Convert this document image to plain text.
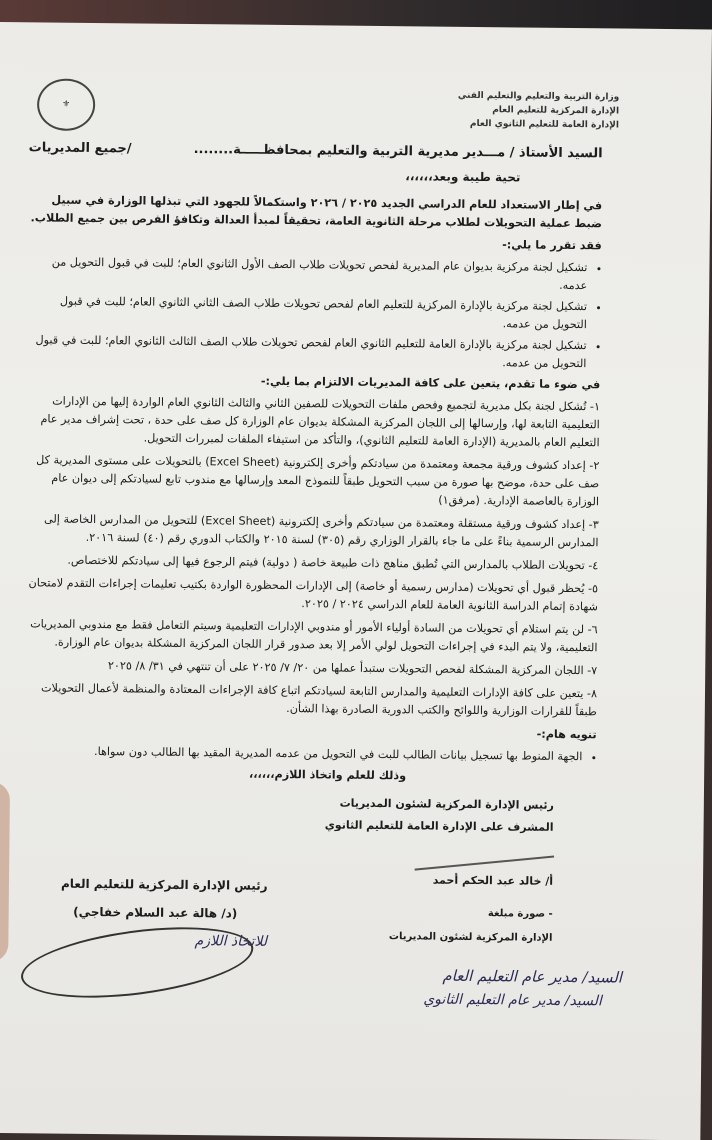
⚜
وزارة التربية والتعليم والتعليم الفني
الإدارة المركزية للتعليم العام
الإدارة العامة للتعليم الثانوي العام
السيد الأستاذ / مـــدير مديرية التربية والتعليم بمحافظـــــة........
/جميع المديريات
تحية طيبة وبعد،،،،،،

في إطار الاستعداد للعام الدراسي الجديد ٢٠٢٥ / ٢٠٢٦ واستكمالاً للجهود التي تبذلها الوزارة في سبيل ضبط عملية التحويلات لطلاب مرحلة الثانوية العامة، تحقيقاً لمبدأ العدالة وتكافؤ الفرص بين جميع الطلاب.

فقد تقرر ما يلي:-

• تشكيل لجنة مركزية بديوان عام المديرية لفحص تحويلات طلاب الصف الأول الثانوي العام؛ للبت في قبول التحويل من عدمه.
• تشكيل لجنة مركزية بالإدارة المركزية للتعليم العام لفحص تحويلات طلاب الصف الثاني الثانوي العام؛ للبت في قبول التحويل من عدمه.
• تشكيل لجنة مركزية بالإدارة العامة للتعليم الثانوي العام لفحص تحويلات طلاب الصف الثالث الثانوي العام؛ للبت في قبول التحويل من عدمه.

في ضوء ما تقدم، يتعين على كافة المديريات الالتزام بما يلي:-

١- تُشكل لجنة بكل مديرية لتجميع وفحص ملفات التحويلات للصفين الثاني والثالث الثانوي العام الواردة إليها من الإدارات التعليمية التابعة لها، وإرسالها إلى اللجان المركزية المشكلة بديوان عام الوزارة كل صف على حدة ، تحت إشراف مدير عام التعليم العام بالمديرية (الإدارة العامة للتعليم الثانوي)، والتأكد من استيفاء الملفات لمبررات التحويل.
٢- إعداد كشوف ورقية مجمعة ومعتمدة من سيادتكم وأخرى إلكترونية (Excel Sheet) بالتحويلات على مستوى المديرية كل صف على حدة، موضح بها صورة من سبب التحويل طبقاً للنموذج المعد وإرسالها مع مندوب تابع لسيادتكم إلى ديوان عام الوزارة بالعاصمة الإدارية. (مرفق١)
٣- إعداد كشوف ورقية مستقلة ومعتمدة من سيادتكم وأخرى إلكترونية (Excel Sheet) للتحويل من المدارس الخاصة إلى المدارس الرسمية بناءً على ما جاء بالقرار الوزاري رقم (٣٠٥) لسنة ٢٠١٥ والكتاب الدوري رقم (٤٠) لسنة ٢٠١٦.
٤- تحويلات الطلاب بالمدارس التي تُطبق مناهج ذات طبيعة خاصة ( دولية) فيتم الرجوع فيها إلى سيادتكم للاختصاص.
٥- يُحظر قبول أي تحويلات (مدارس رسمية أو خاصة) إلى الإدارات المحظورة الواردة بكتيب تعليمات إجراءات التقدم لامتحان شهادة إتمام الدراسة الثانوية العامة للعام الدراسي ٢٠٢٤ / ٢٠٢٥.
٦- لن يتم استلام أي تحويلات من السادة أولياء الأمور أو مندوبي الإدارات التعليمية وسيتم التعامل فقط مع مندوبي المديريات التعليمية، ولا يتم البدء في إجراءات التحويل لولي الأمر إلا بعد صدور قرار اللجان المركزية المشكلة بديوان عام الوزارة.
٧- اللجان المركزية المشكلة لفحص التحويلات ستبدأ عملها من ٢٠/ ٧/ ٢٠٢٥ على أن تنتهي في ٣١/ ٨/ ٢٠٢٥
٨- يتعين على كافة الإدارات التعليمية والمدارس التابعة لسيادتكم اتباع كافة الإجراءات المعتادة والمنظمة لأعمال التحويلات طبقاً للقرارات الوزارية واللوائح والكتب الدورية الصادرة بهذا الشأن.

تنويه هام:-

• الجهة المنوط بها تسجيل بيانات الطالب للبت في التحويل من عدمه المديرية المقيد بها الطالب دون سواها.

وذلك للعلم واتخاذ اللازم،،،،،،

رئيس الإدارة المركزية لشئون المديريات
المشرف على الإدارة العامة للتعليم الثانوي
أ/ خالد عبد الحكم أحمد
- صورة مبلغة
الإدارة المركزية لشئون المديريات
رئيس الإدارة المركزية للتعليم العام
(د/ هالة عبد السلام خفاجي)
للاتخاذ اللازم
السيد/ مدير عام التعليم العام
السيد/ مدير عام التعليم الثانوي
